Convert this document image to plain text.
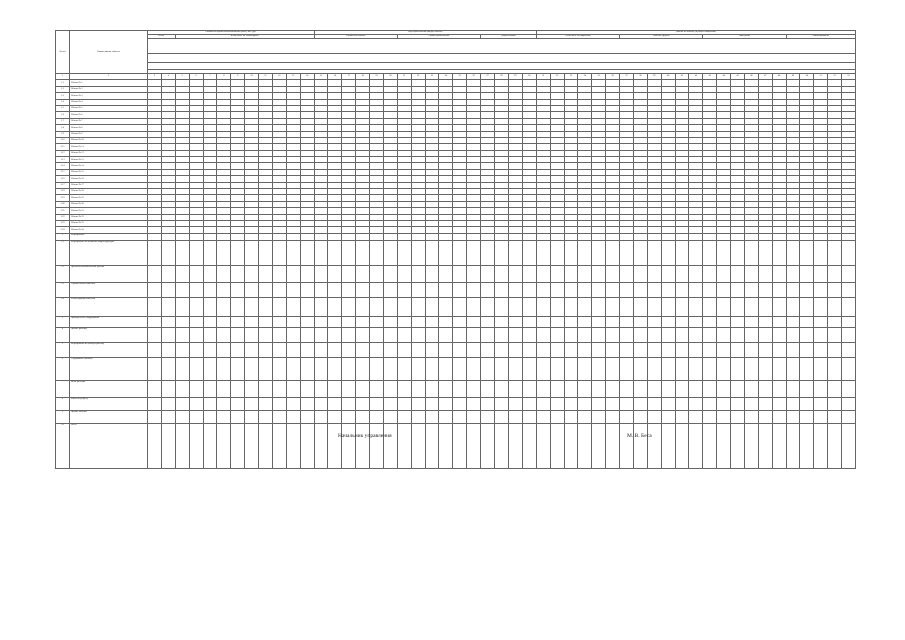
№ п/п	Наименование объекта	Стоимость строительно-монтажных работ, тыс. руб.												Ход строительства (вводы) объекта																Данные по объекту (в разрезе кварталов)																						
		Всего		в том числе по этапам работ										Готовность объекта						Сроки строительства						Документация				в том числе по кварталам						Освоено средств						План работ						Финансирование				

1	2	3	4	5	6	7	8	9	10	11	12	13	14	15	16	17	18	19	20	21	22	23	24	25	26	27	28	29	30	31	32	33	34	35	36	37	38	39	40	41	42	43	44	45	46	47	48	49	50	51	52	53
1.1	Объект № 1																																																			
1.2	Объект № 2																																																			
1.3	Объект № 3																																																			
1.4	Объект № 4																																																			
1.5	Объект № 5																																																			
1.6	Объект № 6																																																			
1.7	Объект № 7																																																			
1.8	Объект № 8																																																			
1.9	Объект № 9																																																			
1.10	Объект № 10																																																			
1.11	Объект № 11																																																			
1.12	Объект № 12																																																			
1.13	Объект № 13																																																			
1.14	Объект № 14																																																			
1.15	Объект № 15																																																			
1.16	Объект № 16																																																			
1.17	Объект № 17																																																			
1.18	Объект № 18																																																			
1.19	Объект № 19																																																			
1.20	Объект № 20																																																			
1.21	Объект № 21																																																			
1.22	Объект № 22																																																			
1.23	Объект № 23																																																			
1.24	Объект № 24																																																			
2	Мероприятия																																																			
2.1	Мероприятия по развитию инфраструктуры																																																			
2.2	Проектно-изыскательские работы																																																			
2.3	Строительство объектов																																																			
2.4	Реконструкция объектов																																																			
3	Приобретение оборудования																																																			
4	Прочие расходы																																																			
5	Мероприятия по благоустройству																																																			
6	Содержание объектов																																																			
7	Иные расходы																																																			
8	Итого по разделу																																																			
9	Прочие объекты																																																			
10	Всего																																																			
Начальник управления	М. В. Беса
